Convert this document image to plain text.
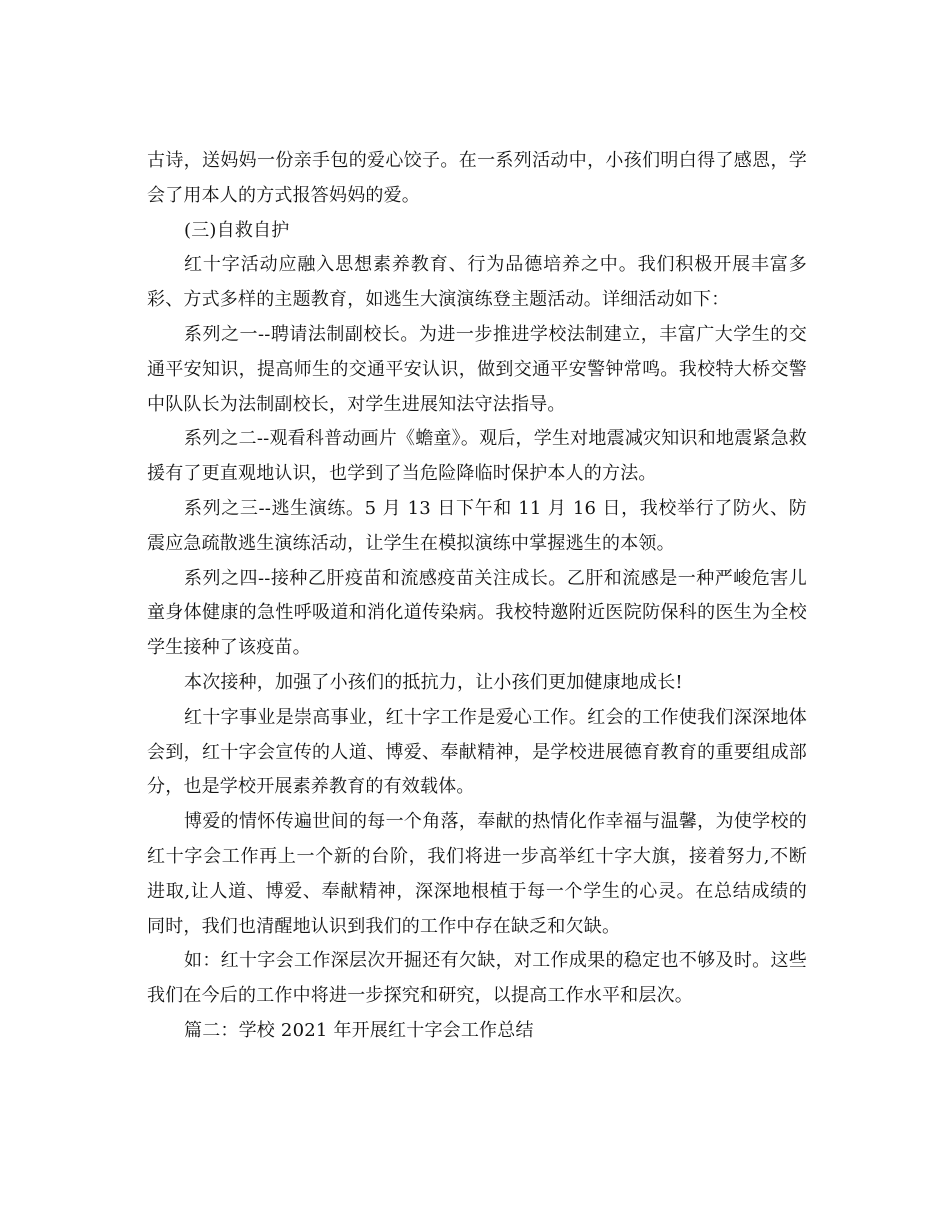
古诗，送妈妈一份亲手包的爱心饺子。在一系列活动中，小孩们明白得了感恩，学会了用本人的方式报答妈妈的爱。

(三)自救自护

红十字活动应融入思想素养教育、行为品德培养之中。我们积极开展丰富多彩、方式多样的主题教育，如逃生大演演练登主题活动。详细活动如下：

系列之一--聘请法制副校长。为进一步推进学校法制建立，丰富广大学生的交通平安知识，提高师生的交通平安认识，做到交通平安警钟常鸣。我校特大桥交警中队队长为法制副校长，对学生进展知法守法指导。

系列之二--观看科普动画片《蟾童》。观后，学生对地震减灾知识和地震紧急救援有了更直观地认识，也学到了当危险降临时保护本人的方法。

系列之三--逃生演练。5 月 13 日下午和 11 月 16 日，我校举行了防火、防震应急疏散逃生演练活动，让学生在模拟演练中掌握逃生的本领。

系列之四--接种乙肝疫苗和流感疫苗关注成长。乙肝和流感是一种严峻危害儿童身体健康的急性呼吸道和消化道传染病。我校特邀附近医院防保科的医生为全校学生接种了该疫苗。

本次接种，加强了小孩们的抵抗力，让小孩们更加健康地成长!

红十字事业是崇高事业，红十字工作是爱心工作。红会的工作使我们深深地体会到，红十字会宣传的人道、博爱、奉献精神，是学校进展德育教育的重要组成部分，也是学校开展素养教育的有效载体。

博爱的情怀传遍世间的每一个角落，奉献的热情化作幸福与温馨，为使学校的红十字会工作再上一个新的台阶，我们将进一步高举红十字大旗，接着努力,不断进取,让人道、博爱、奉献精神，深深地根植于每一个学生的心灵。在总结成绩的同时，我们也清醒地认识到我们的工作中存在缺乏和欠缺。

如：红十字会工作深层次开掘还有欠缺，对工作成果的稳定也不够及时。这些我们在今后的工作中将进一步探究和研究，以提高工作水平和层次。

篇二：学校 2021 年开展红十字会工作总结
